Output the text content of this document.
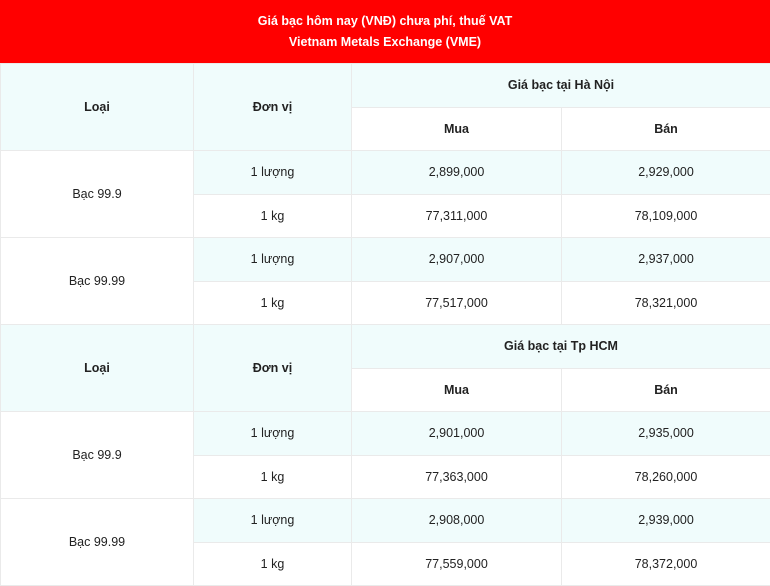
Giá bạc hôm nay (VNĐ) chưa phí, thuế VAT
Vietnam Metals Exchange (VME)
Loại	Đơn vị	Giá bạc tại Hà Nội	
		Mua	Bán
Bạc 99.9	1 lượng	2,899,000	2,929,000
	1 kg	77,311,000	78,109,000
Bạc 99.99	1 lượng	2,907,000	2,937,000
	1 kg	77,517,000	78,321,000
Loại	Đơn vị	Giá bạc tại Tp HCM	
		Mua	Bán
Bạc 99.9	1 lượng	2,901,000	2,935,000
	1 kg	77,363,000	78,260,000
Bạc 99.99	1 lượng	2,908,000	2,939,000
	1 kg	77,559,000	78,372,000
